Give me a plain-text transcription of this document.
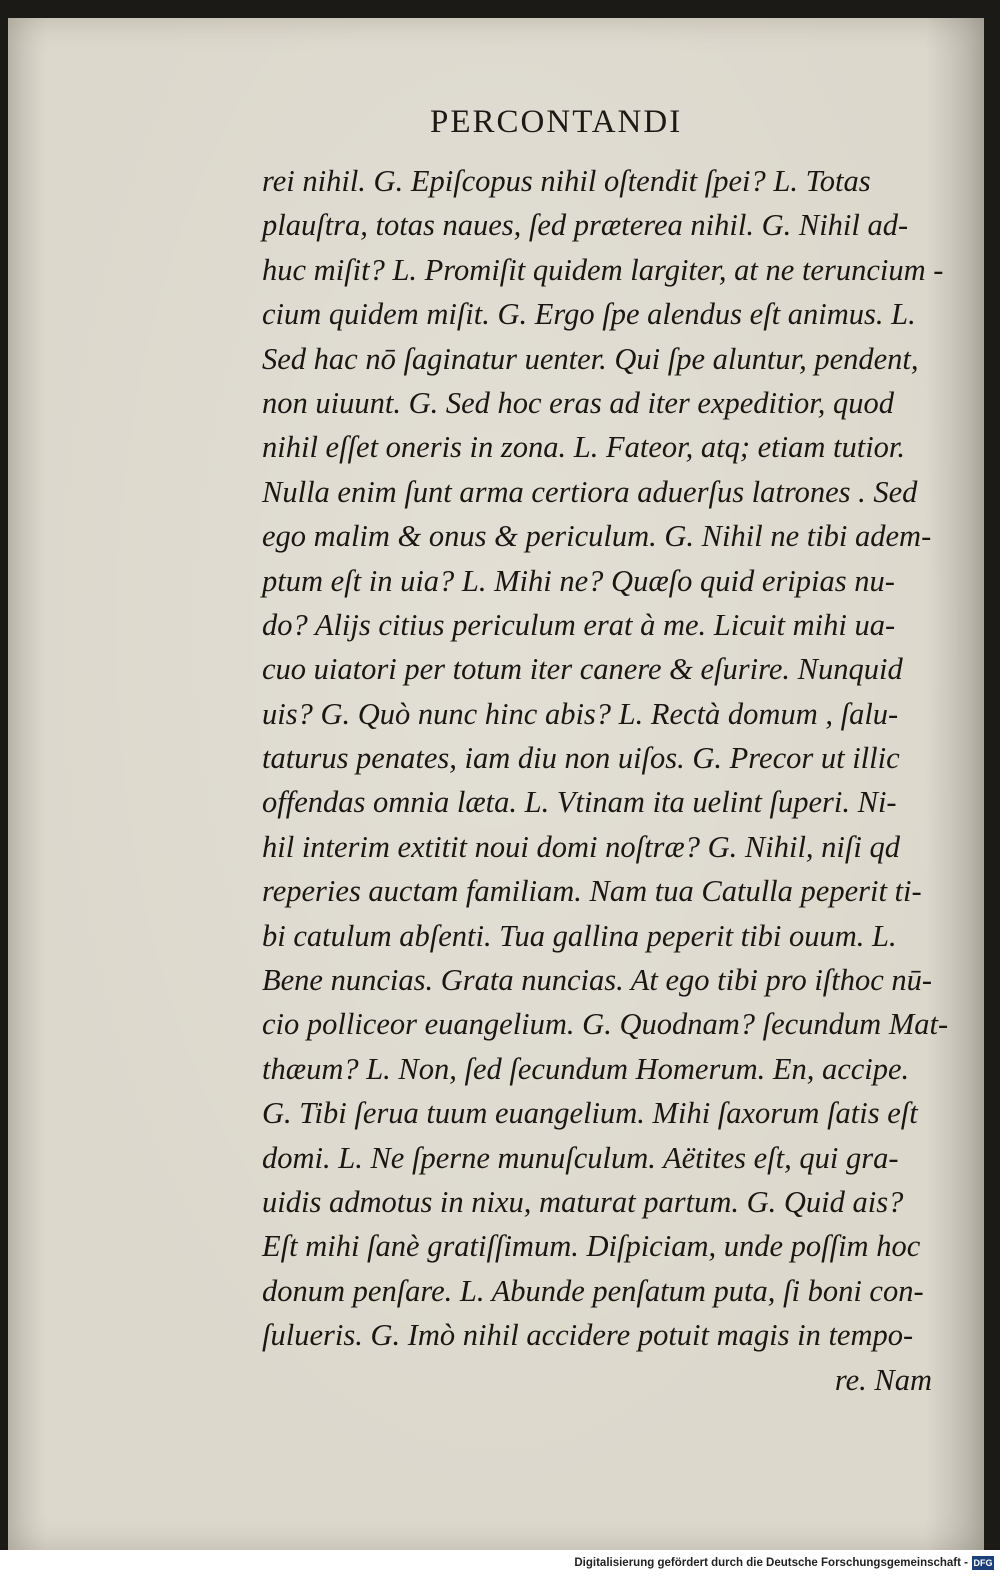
PERCONTANDI
rei nihil. G. Epiſcopus nihil oſtendit ſpei? L. Totas
plauſtra, totas naues, ſed præterea nihil. G. Nihil ad-
huc miſit? L. Promiſit quidem largiter, at ne teruncium -
cium quidem miſit. G. Ergo ſpe alendus eſt animus. L.
Sed hac nō ſaginatur uenter. Qui ſpe aluntur, pendent,
non uiuunt. G. Sed hoc eras ad iter expeditior, quod
nihil eſſet oneris in zona. L. Fateor, atq; etiam tutior.
Nulla enim ſunt arma certiora aduerſus latrones . Sed
ego malim & onus & periculum. G. Nihil ne tibi adem-
ptum eſt in uia? L. Mihi ne? Quæſo quid eripias nu-
do? Alijs citius periculum erat à me. Licuit mihi ua-
cuo uiatori per totum iter canere & eſurire. Nunquid
uis? G. Quò nunc hinc abis? L. Rectà domum , ſalu-
taturus penates, iam diu non uiſos. G. Precor ut illic
offendas omnia læta. L. Vtinam ita uelint ſuperi. Ni-
hil interim extitit noui domi noſtræ? G. Nihil, niſi qd
reperies auctam familiam. Nam tua Catulla peperit ti-
bi catulum abſenti. Tua gallina peperit tibi ouum. L.
Bene nuncias. Grata nuncias. At ego tibi pro iſthoc nū-
cio polliceor euangelium. G. Quodnam? ſecundum Mat-
thæum? L. Non, ſed ſecundum Homerum. En, accipe.
G. Tibi ſerua tuum euangelium. Mihi ſaxorum ſatis eſt
domi. L. Ne ſperne munuſculum. Aëtites eſt, qui gra-
uidis admotus in nixu, maturat partum. G. Quid ais?
Eſt mihi ſanè gratiſſimum. Diſpiciam, unde poſſim hoc
donum penſare. L. Abunde penſatum puta, ſi boni con-
ſulueris. G. Imò nihil accidere potuit magis in tempo-
re. Nam
Digitalisierung gefördert durch die Deutsche Forschungsgemeinschaft - DFG
